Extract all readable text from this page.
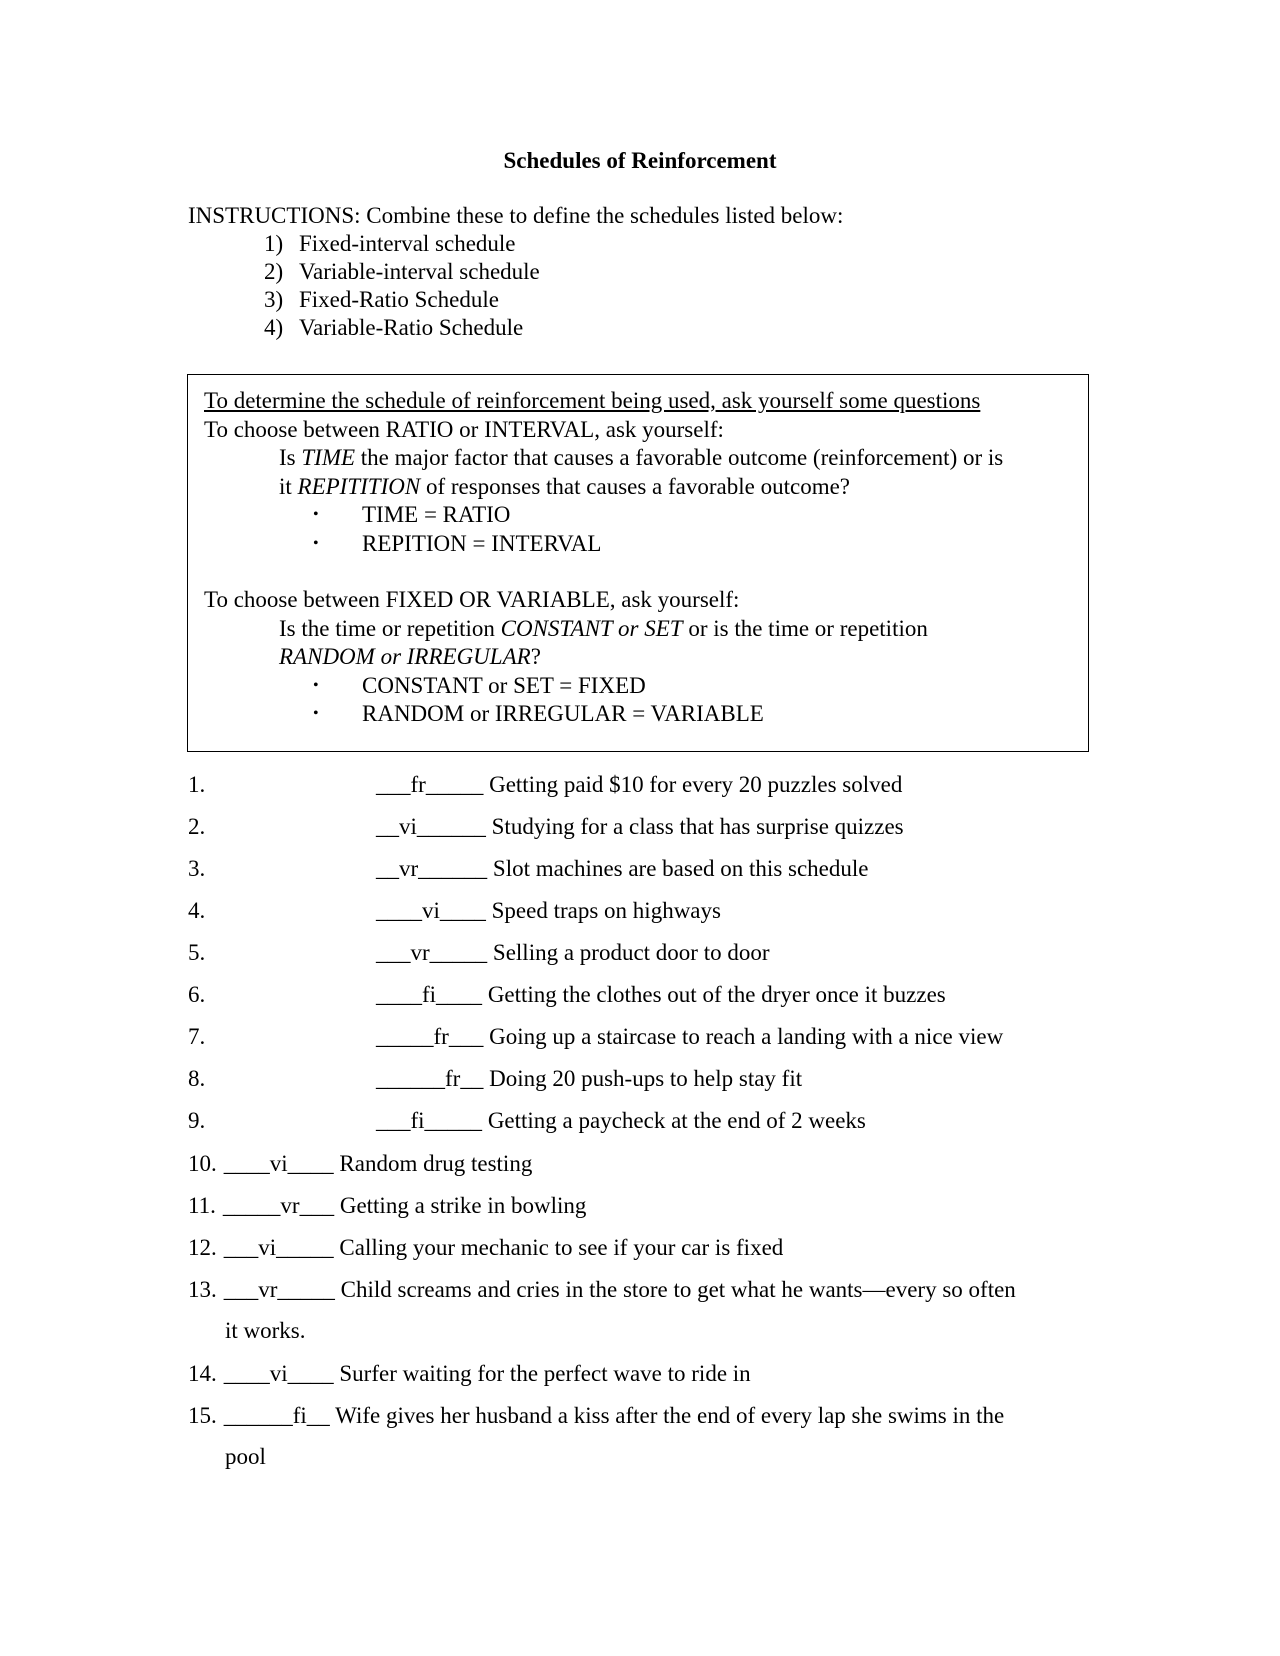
Schedules of Reinforcement
INSTRUCTIONS: Combine these to define the schedules listed below:
1) Fixed-interval schedule
2) Variable-interval schedule
3) Fixed-Ratio Schedule
4) Variable-Ratio Schedule
To determine the schedule of reinforcement being used, ask yourself some questions
To choose between RATIO or INTERVAL, ask yourself:
Is TIME the major factor that causes a favorable outcome (reinforcement) or is
it REPITITION of responses that causes a favorable outcome?
• TIME = RATIO
• REPITION = INTERVAL
To choose between FIXED OR VARIABLE, ask yourself:
Is the time or repetition CONSTANT or SET or is the time or repetition
RANDOM or IRREGULAR?
• CONSTANT or SET = FIXED
• RANDOM or IRREGULAR = VARIABLE
1.	___fr_____ Getting paid $10 for every 20 puzzles solved
2.	__vi______ Studying for a class that has surprise quizzes
3.	__vr______ Slot machines are based on this schedule
4.	____vi____ Speed traps on highways
5.	___vr_____ Selling a product door to door
6.	____fi____ Getting the clothes out of the dryer once it buzzes
7.	_____fr___ Going up a staircase to reach a landing with a nice view
8.	______fr__ Doing 20 push-ups to help stay fit
9.	___fi_____ Getting a paycheck at the end of 2 weeks
10. ____vi____ Random drug testing
11. _____vr___ Getting a strike in bowling
12. ___vi_____ Calling your mechanic to see if your car is fixed
13. ___vr_____ Child screams and cries in the store to get what he wants—every so often
it works.
14. ____vi____ Surfer waiting for the perfect wave to ride in
15. ______fi__ Wife gives her husband a kiss after the end of every lap she swims in the
pool
